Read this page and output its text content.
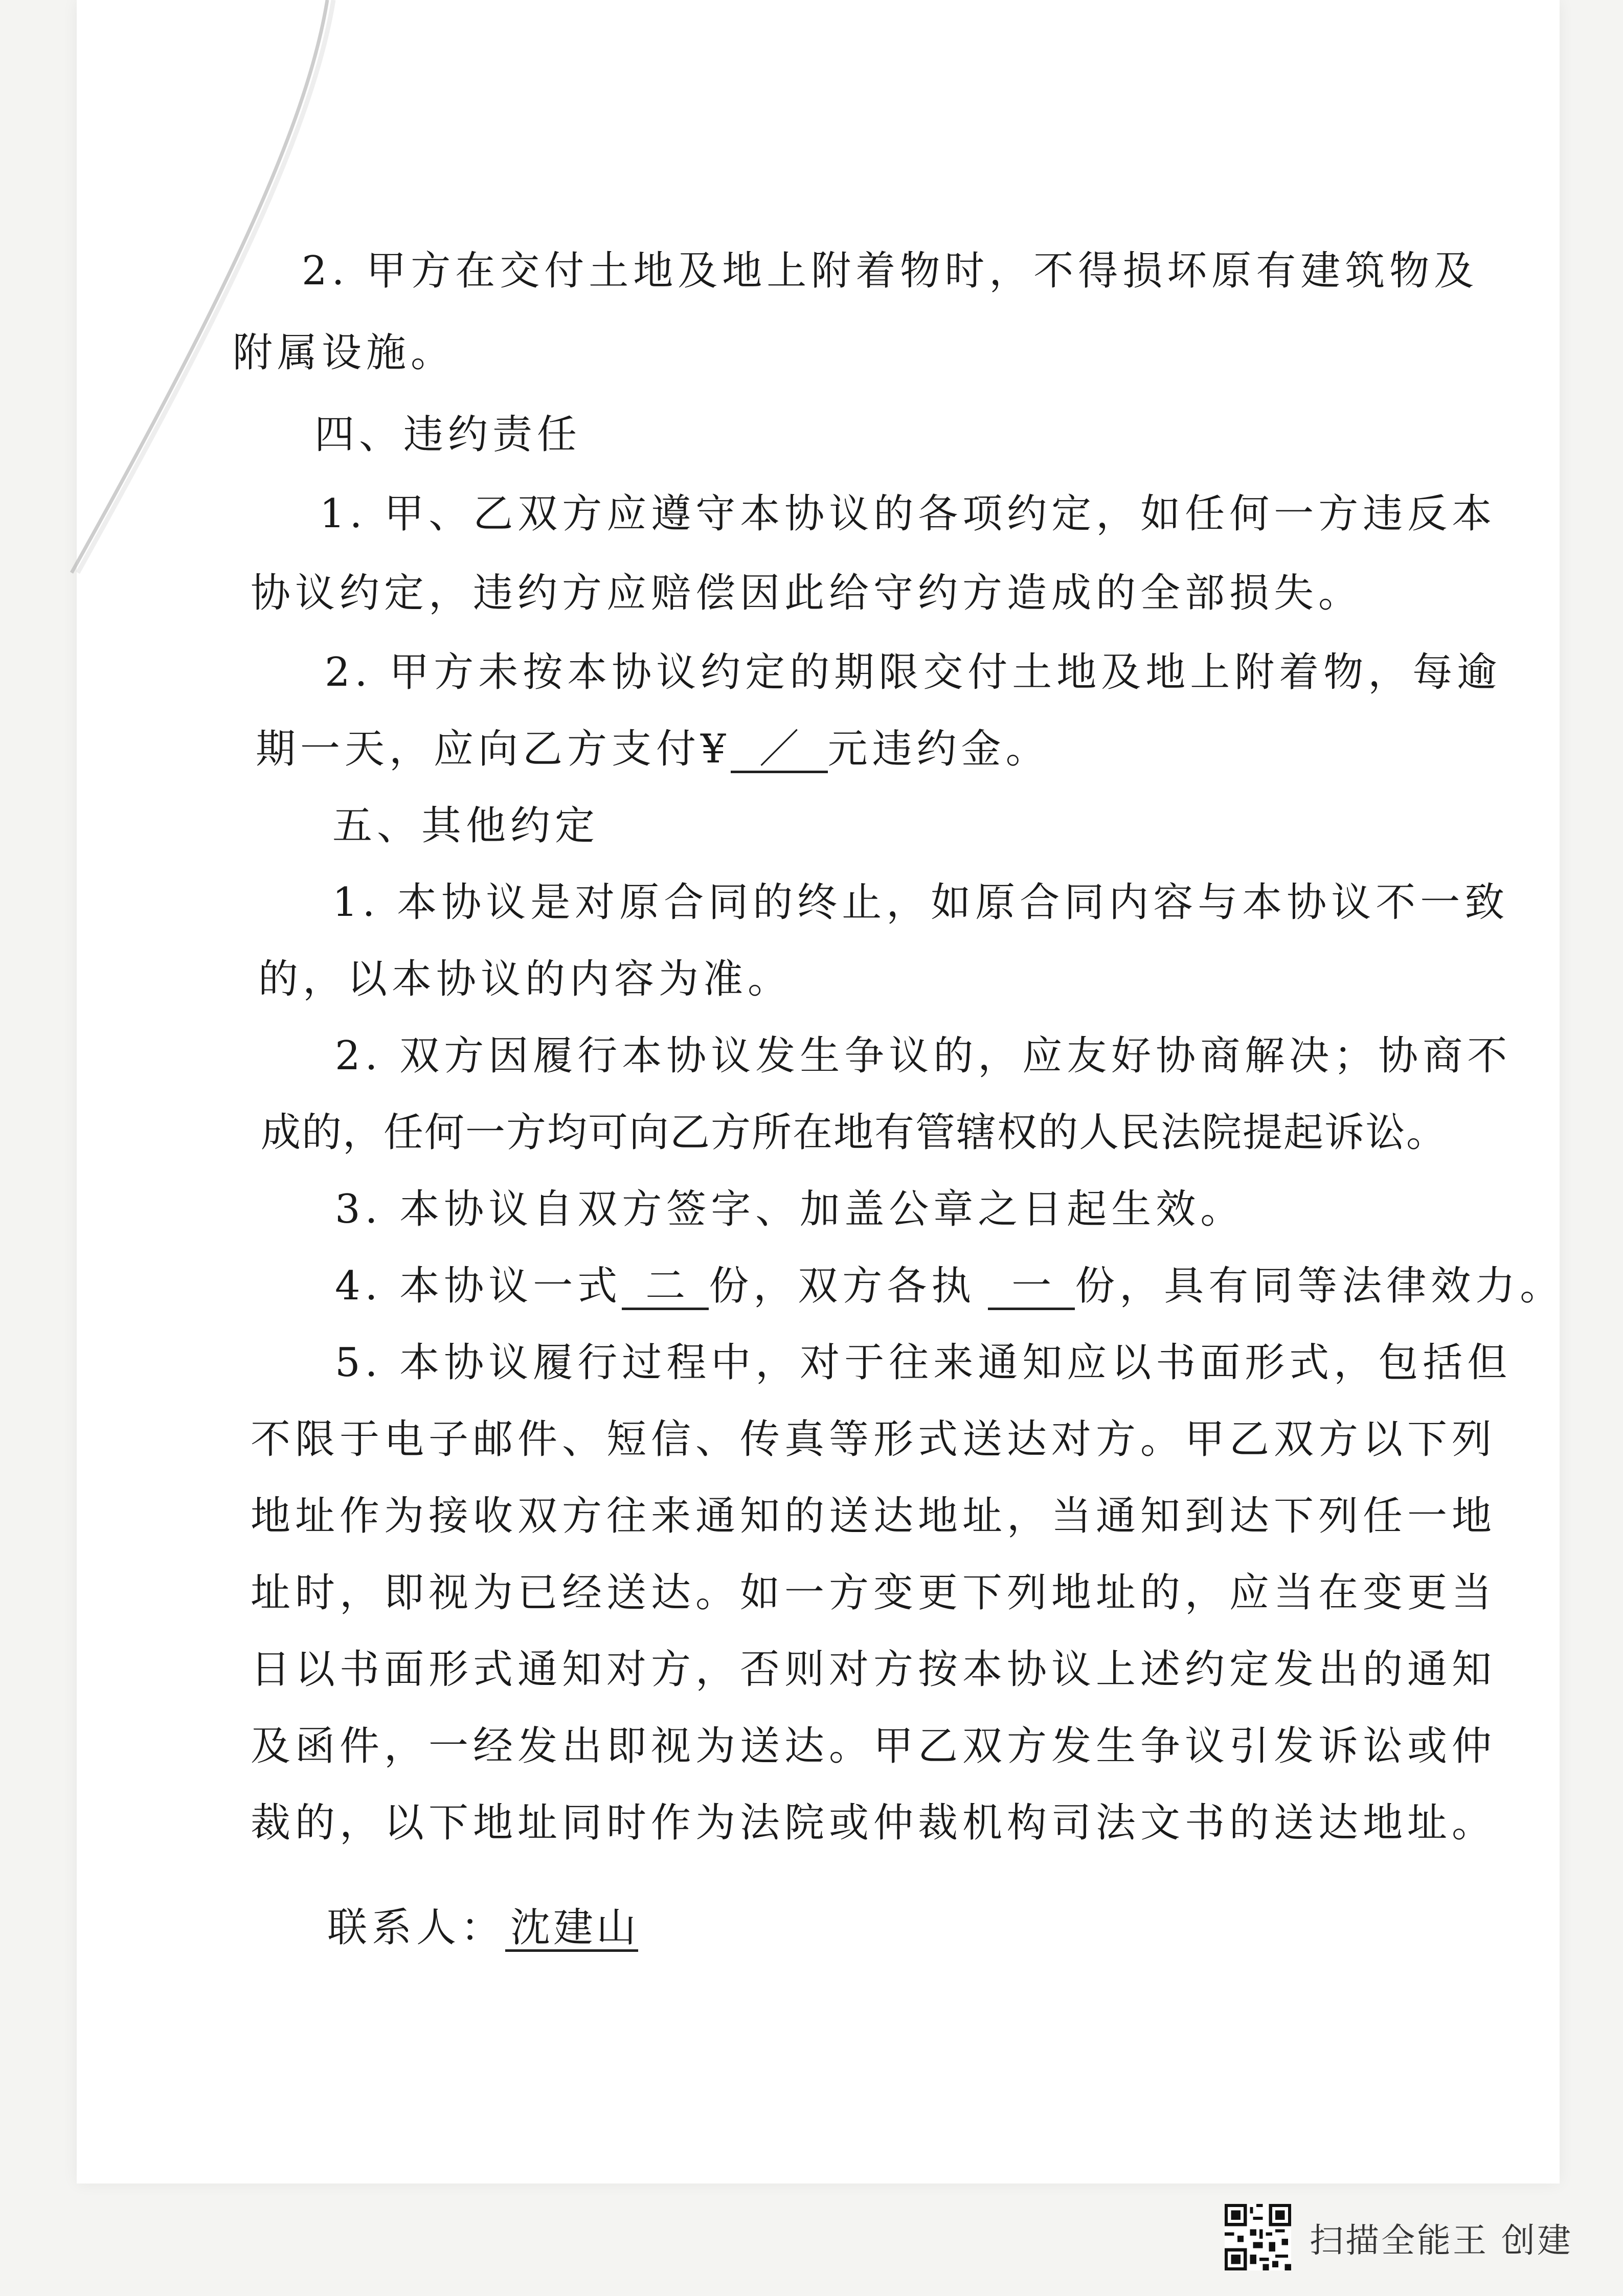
2. 甲方在交付土地及地上附着物时，不得损坏原有建筑物及
附属设施。
四、违约责任
1. 甲、乙双方应遵守本协议的各项约定，如任何一方违反本
协议约定，违约方应赔偿因此给守约方造成的全部损失。
2. 甲方未按本协议约定的期限交付土地及地上附着物，每逾
期一天，应向乙方支付¥ ／ 元违约金。
五、其他约定
1. 本协议是对原合同的终止，如原合同内容与本协议不一致
的，以本协议的内容为准。
2. 双方因履行本协议发生争议的，应友好协商解决；协商不
成的，任何一方均可向乙方所在地有管辖权的人民法院提起诉讼。
3. 本协议自双方签字、加盖公章之日起生效。
4. 本协议一式 二 份，双方各执 一 份，具有同等法律效力。
5. 本协议履行过程中，对于往来通知应以书面形式，包括但
不限于电子邮件、短信、传真等形式送达对方。甲乙双方以下列
地址作为接收双方往来通知的送达地址，当通知到达下列任一地
址时，即视为已经送达。如一方变更下列地址的，应当在变更当
日以书面形式通知对方，否则对方按本协议上述约定发出的通知
及函件，一经发出即视为送达。甲乙双方发生争议引发诉讼或仲
裁的，以下地址同时作为法院或仲裁机构司法文书的送达地址。
联系人： 沈建山
扫描全能王 创建
